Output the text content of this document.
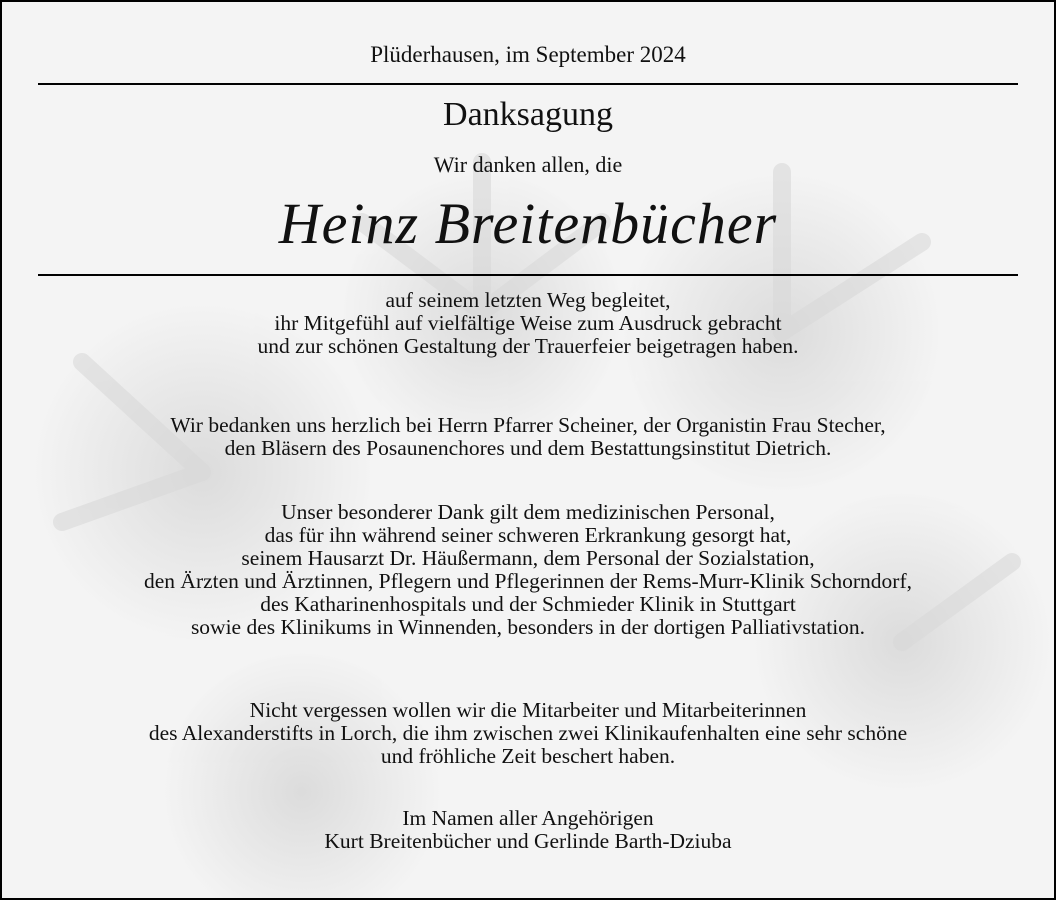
Plüderhausen, im September 2024
Danksagung
Wir danken allen, die
Heinz Breitenbücher
auf seinem letzten Weg begleitet,
ihr Mitgefühl auf vielfältige Weise zum Ausdruck gebracht
und zur schönen Gestaltung der Trauerfeier beigetragen haben.
Wir bedanken uns herzlich bei Herrn Pfarrer Scheiner, der Organistin Frau Stecher,
den Bläsern des Posaunenchores und dem Bestattungsinstitut Dietrich.
Unser besonderer Dank gilt dem medizinischen Personal,
das für ihn während seiner schweren Erkrankung gesorgt hat,
seinem Hausarzt Dr. Häußermann, dem Personal der Sozialstation,
den Ärzten und Ärztinnen, Pflegern und Pflegerinnen der Rems-Murr-Klinik Schorndorf,
des Katharinenhospitals und der Schmieder Klinik in Stuttgart
sowie des Klinikums in Winnenden, besonders in der dortigen Palliativstation.
Nicht vergessen wollen wir die Mitarbeiter und Mitarbeiterinnen
des Alexanderstifts in Lorch, die ihm zwischen zwei Klinikaufenhalten eine sehr schöne
und fröhliche Zeit beschert haben.
Im Namen aller Angehörigen
Kurt Breitenbücher und Gerlinde Barth-Dziuba
